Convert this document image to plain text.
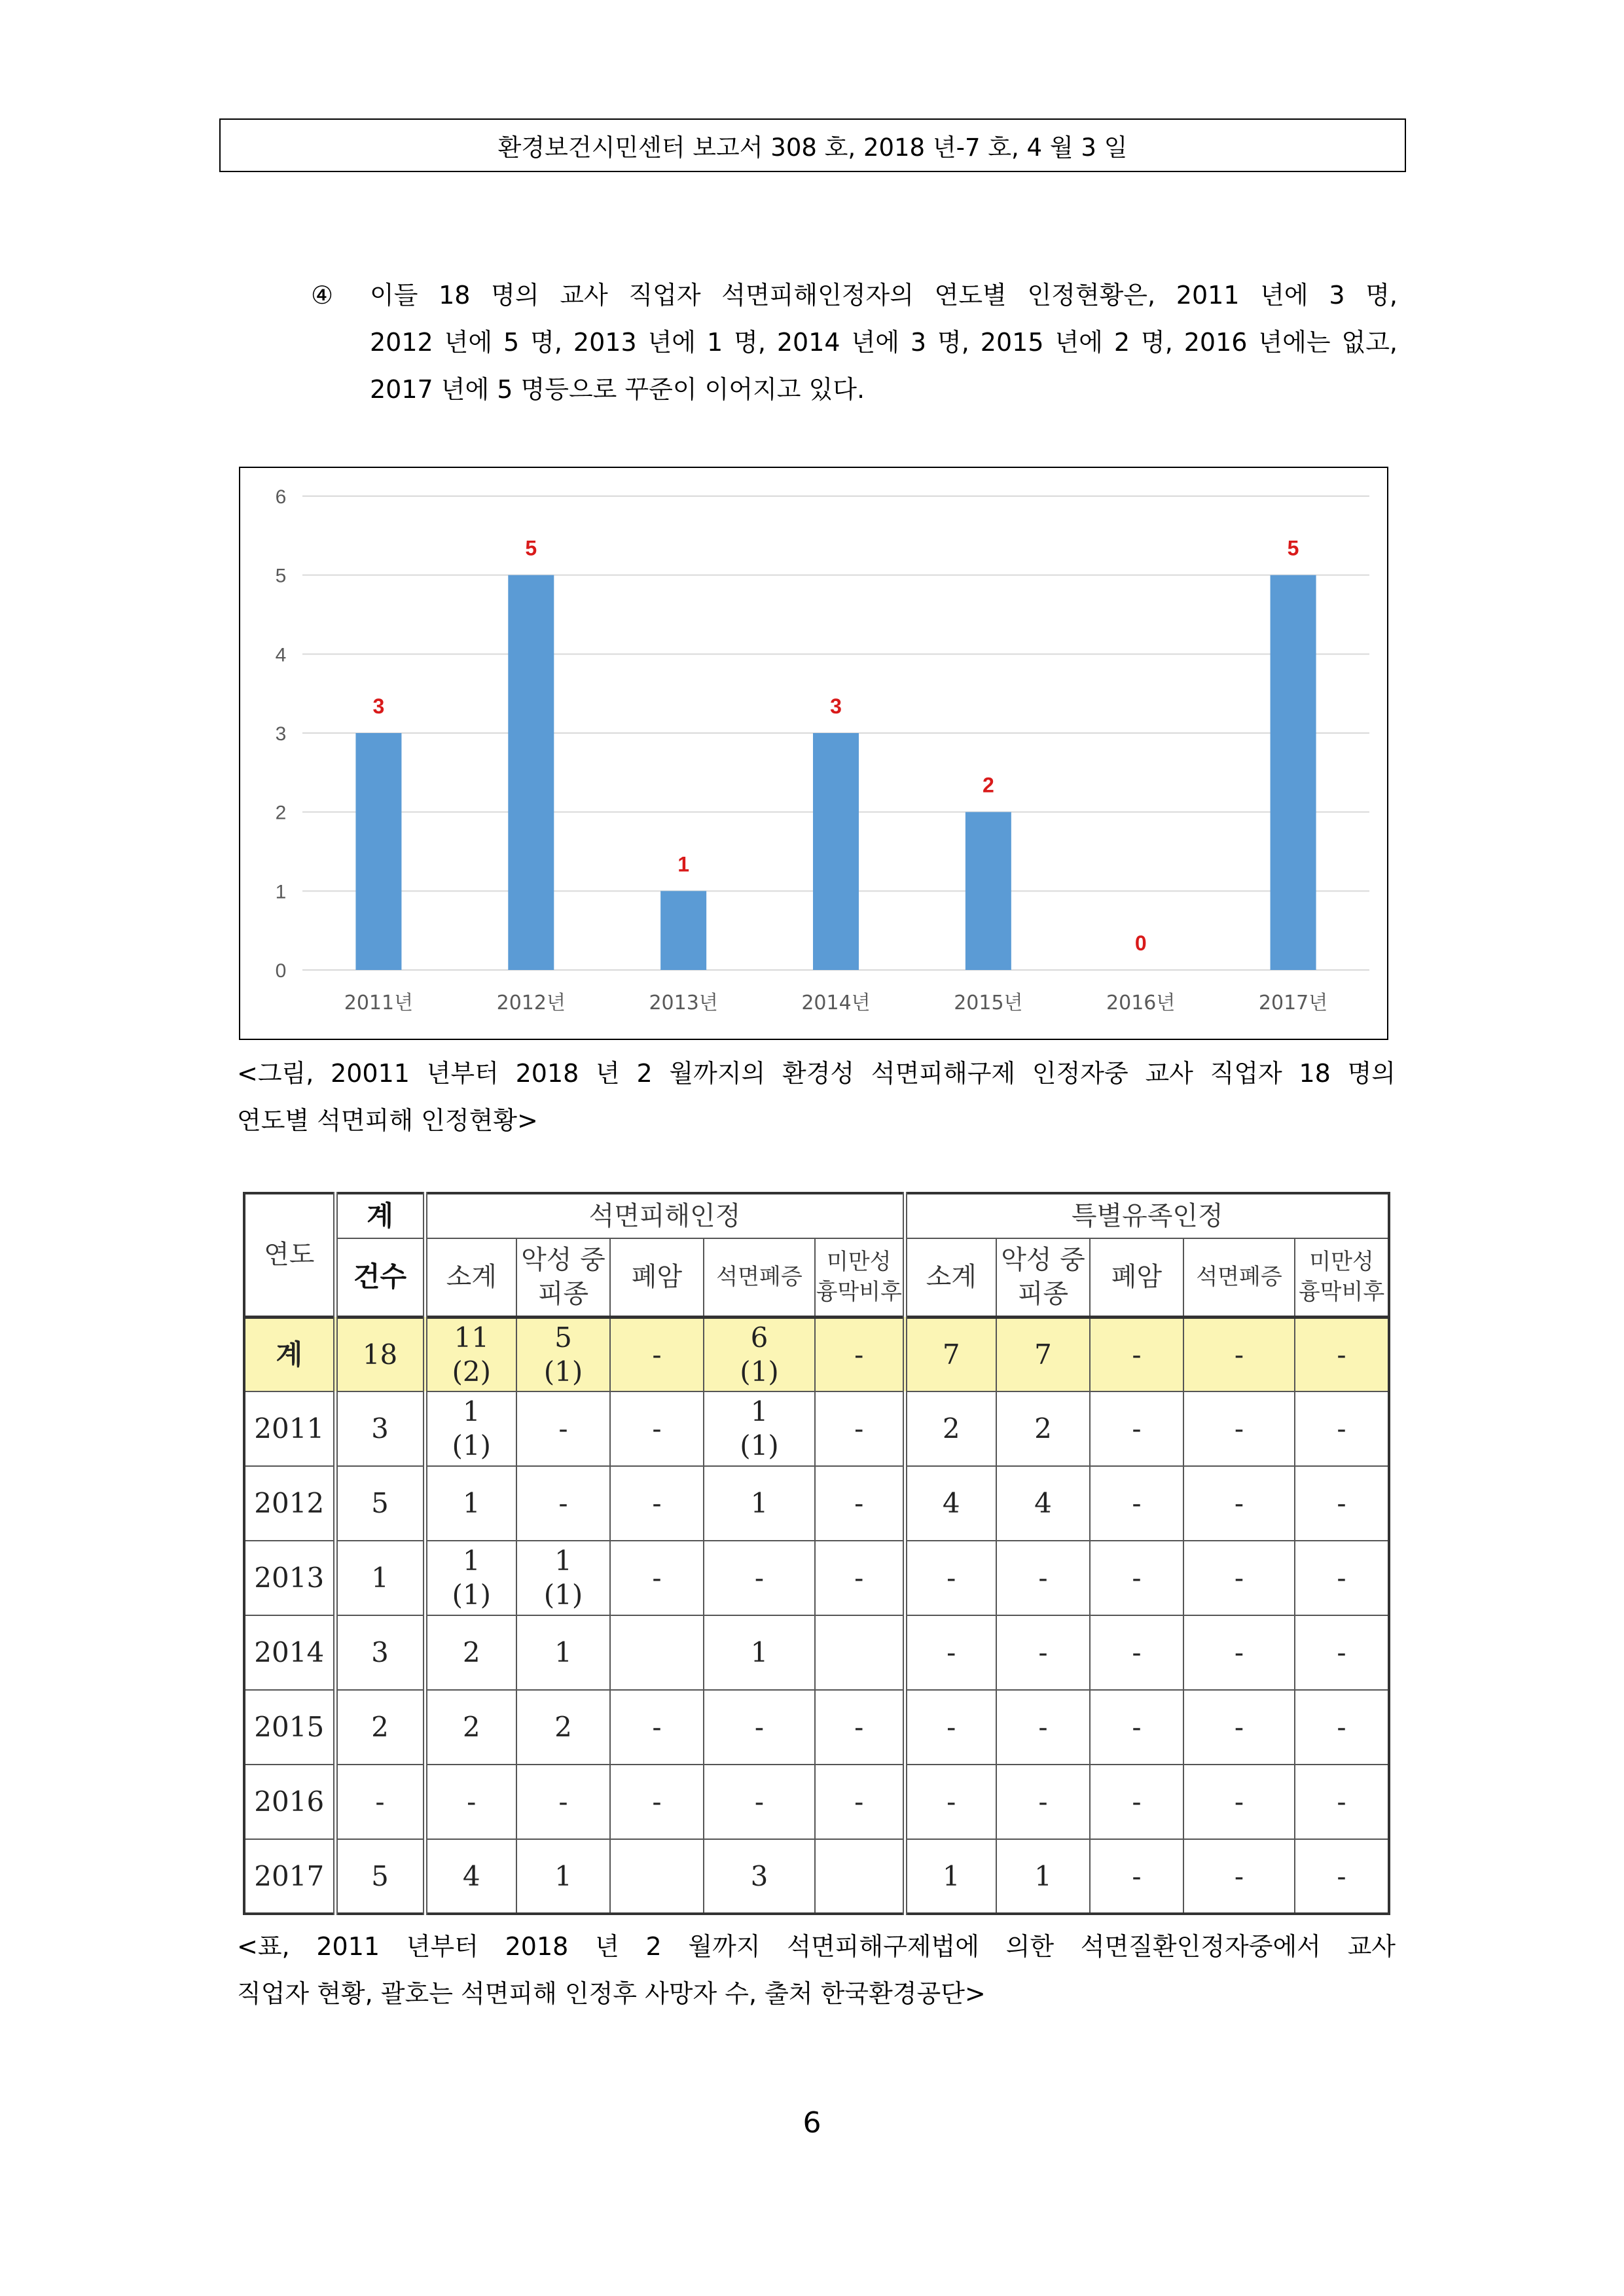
환경보건시민센터 보고서 308 호, 2018 년-7 호, 4 월 3 일
④ 이들 18 명의 교사 직업자 석면피해인정자의 연도별 인정현황은, 2011 년에 3 명,
2012 년에 5 명, 2013 년에 1 명, 2014 년에 3 명, 2015 년에 2 명, 2016 년에는 없고,
2017 년에 5 명등으로 꾸준이 이어지고 있다.
0
1
2
3
4
5
6
3
2011년
5
2012년
1
2013년
3
2014년
2
2015년
0
2016년
5
2017년
<그림, 20011 년부터 2018 년 2 월까지의 환경성 석면피해구제 인정자중 교사 직업자 18 명의
연도별 석면피해 인정현황>
연도	계	석면피해인정					특별유족인정				
	건수	소계	악성 중피종	폐암	석면폐증	미만성 흉막비후	소계	악성 중피종	폐암	석면폐증	미만성 흉막비후
계	18	11
(2)	5
(1)	-	6
(1)	-	7	7	-	-	-
2011	3	1
(1)	-	-	1
(1)	-	2	2	-	-	-
2012	5	1	-	-	1	-	4	4	-	-	-
2013	1	1
(1)	1
(1)	-	-	-	-	-	-	-	-
2014	3	2	1		1		-	-	-	-	-
2015	2	2	2	-	-	-	-	-	-	-	-
2016	-	-	-	-	-	-	-	-	-	-	-
2017	5	4	1		3		1	1	-	-	-
<표, 2011 년부터 2018 년 2 월까지 석면피해구제법에 의한 석면질환인정자중에서 교사
직업자 현황, 괄호는 석면피해 인정후 사망자 수, 출처 한국환경공단>
6
